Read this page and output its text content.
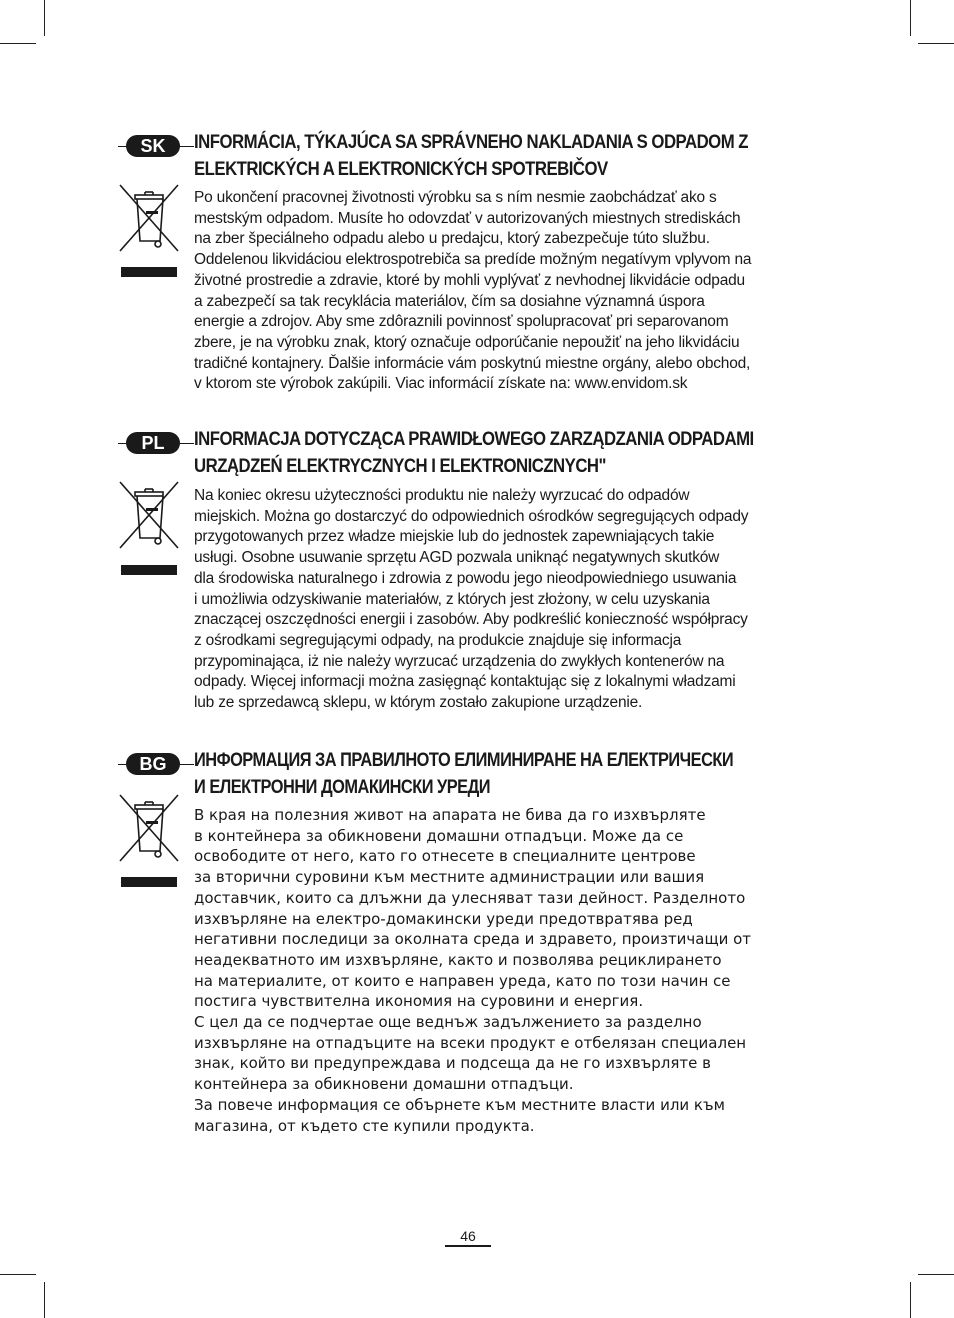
SK	INFORMÁCIA, TÝKAJÚCA SA SPRÁVNEHO NAKLADANIA S ODPADOM Z
ELEKTRICKÝCH A ELEKTRONICKÝCH SPOTREBIČOV
Po ukončení pracovnej životnosti výrobku sa s ním nesmie zaobchádzať ako s
mestským odpadom. Musíte ho odovzdať v autorizovaných miestnych strediskách
na zber špeciálneho odpadu alebo u predajcu, ktorý zabezpečuje túto službu.
Oddelenou likvidáciou elektrospotrebiča sa predíde možným negatívym vplyvom na
životné prostredie a zdravie, ktoré by mohli vyplývať z nevhodnej likvidácie odpadu
a zabezpečí sa tak recyklácia materiálov, čím sa dosiahne významná úspora
energie a zdrojov. Aby sme zdôraznili povinnosť spolupracovať pri separovanom
zbere, je na výrobku znak, ktorý označuje odporúčanie nepoužiť na jeho likvidáciu
tradičné kontajnery. Ďalšie informácie vám poskytnú miestne orgány, alebo obchod,
v ktorom ste výrobok zakúpili. Viac informácií získate na: www.envidom.sk
PL	INFORMACJA DOTYCZĄCA PRAWIDŁOWEGO ZARZĄDZANIA ODPADAMI
URZĄDZEŃ ELEKTRYCZNYCH I ELEKTRONICZNYCH"
Na koniec okresu użyteczności produktu nie należy wyrzucać do odpadów
miejskich. Można go dostarczyć do odpowiednich ośrodków segregujących odpady
przygotowanych przez władze miejskie lub do jednostek zapewniających takie
usługi. Osobne usuwanie sprzętu AGD pozwala uniknąć negatywnych skutków
dla środowiska naturalnego i zdrowia z powodu jego nieodpowiedniego usuwania
i umożliwia odzyskiwanie materiałów, z których jest złożony, w celu uzyskania
znaczącej oszczędności energii i zasobów. Aby podkreślić konieczność współpracy
z ośrodkami segregującymi odpady, na produkcie znajduje się informacja
przypominająca, iż nie należy wyrzucać urządzenia do zwykłych kontenerów na
odpady. Więcej informacji można zasięgnąć kontaktując się z lokalnymi władzami
lub ze sprzedawcą sklepu, w którym zostało zakupione urządzenie.
BG	ИНФОРМАЦИЯ ЗА ПРАВИЛНОТО ЕЛИМИНИРАНЕ НА ЕЛЕКТРИЧЕСКИ
И ЕЛЕКТРОННИ ДОМАКИНСКИ УРЕДИ
В края на полезния живот на апарата не бива да го изхвърляте
в контейнера за обикновени домашни отпадъци. Може да се
освободите от него, като го отнесете в специалните центрове
за вторични суровини към местните администрации или вашия
доставчик, които са длъжни да улесняват тази дейност. Разделното
изхвърляне на електро-домакински уреди предотвратява ред
негативни последици за околната среда и здравето, произтичащи от
неадекватното им изхвърляне, както и позволява рециклирането
на материалите, от които е направен уреда, като по този начин се
постига чувствителна икономия на суровини и енергия.
С цел да се подчертае още веднъж задължението за разделно
изхвърляне на отпадъците на всеки продукт е отбелязан специален
знак, който ви предупреждава и подсеща да не го изхвърляте в
контейнера за обикновени домашни отпадъци.
За повече информация се обърнете към местните власти или към
магазина, от където сте купили продукта.
46
